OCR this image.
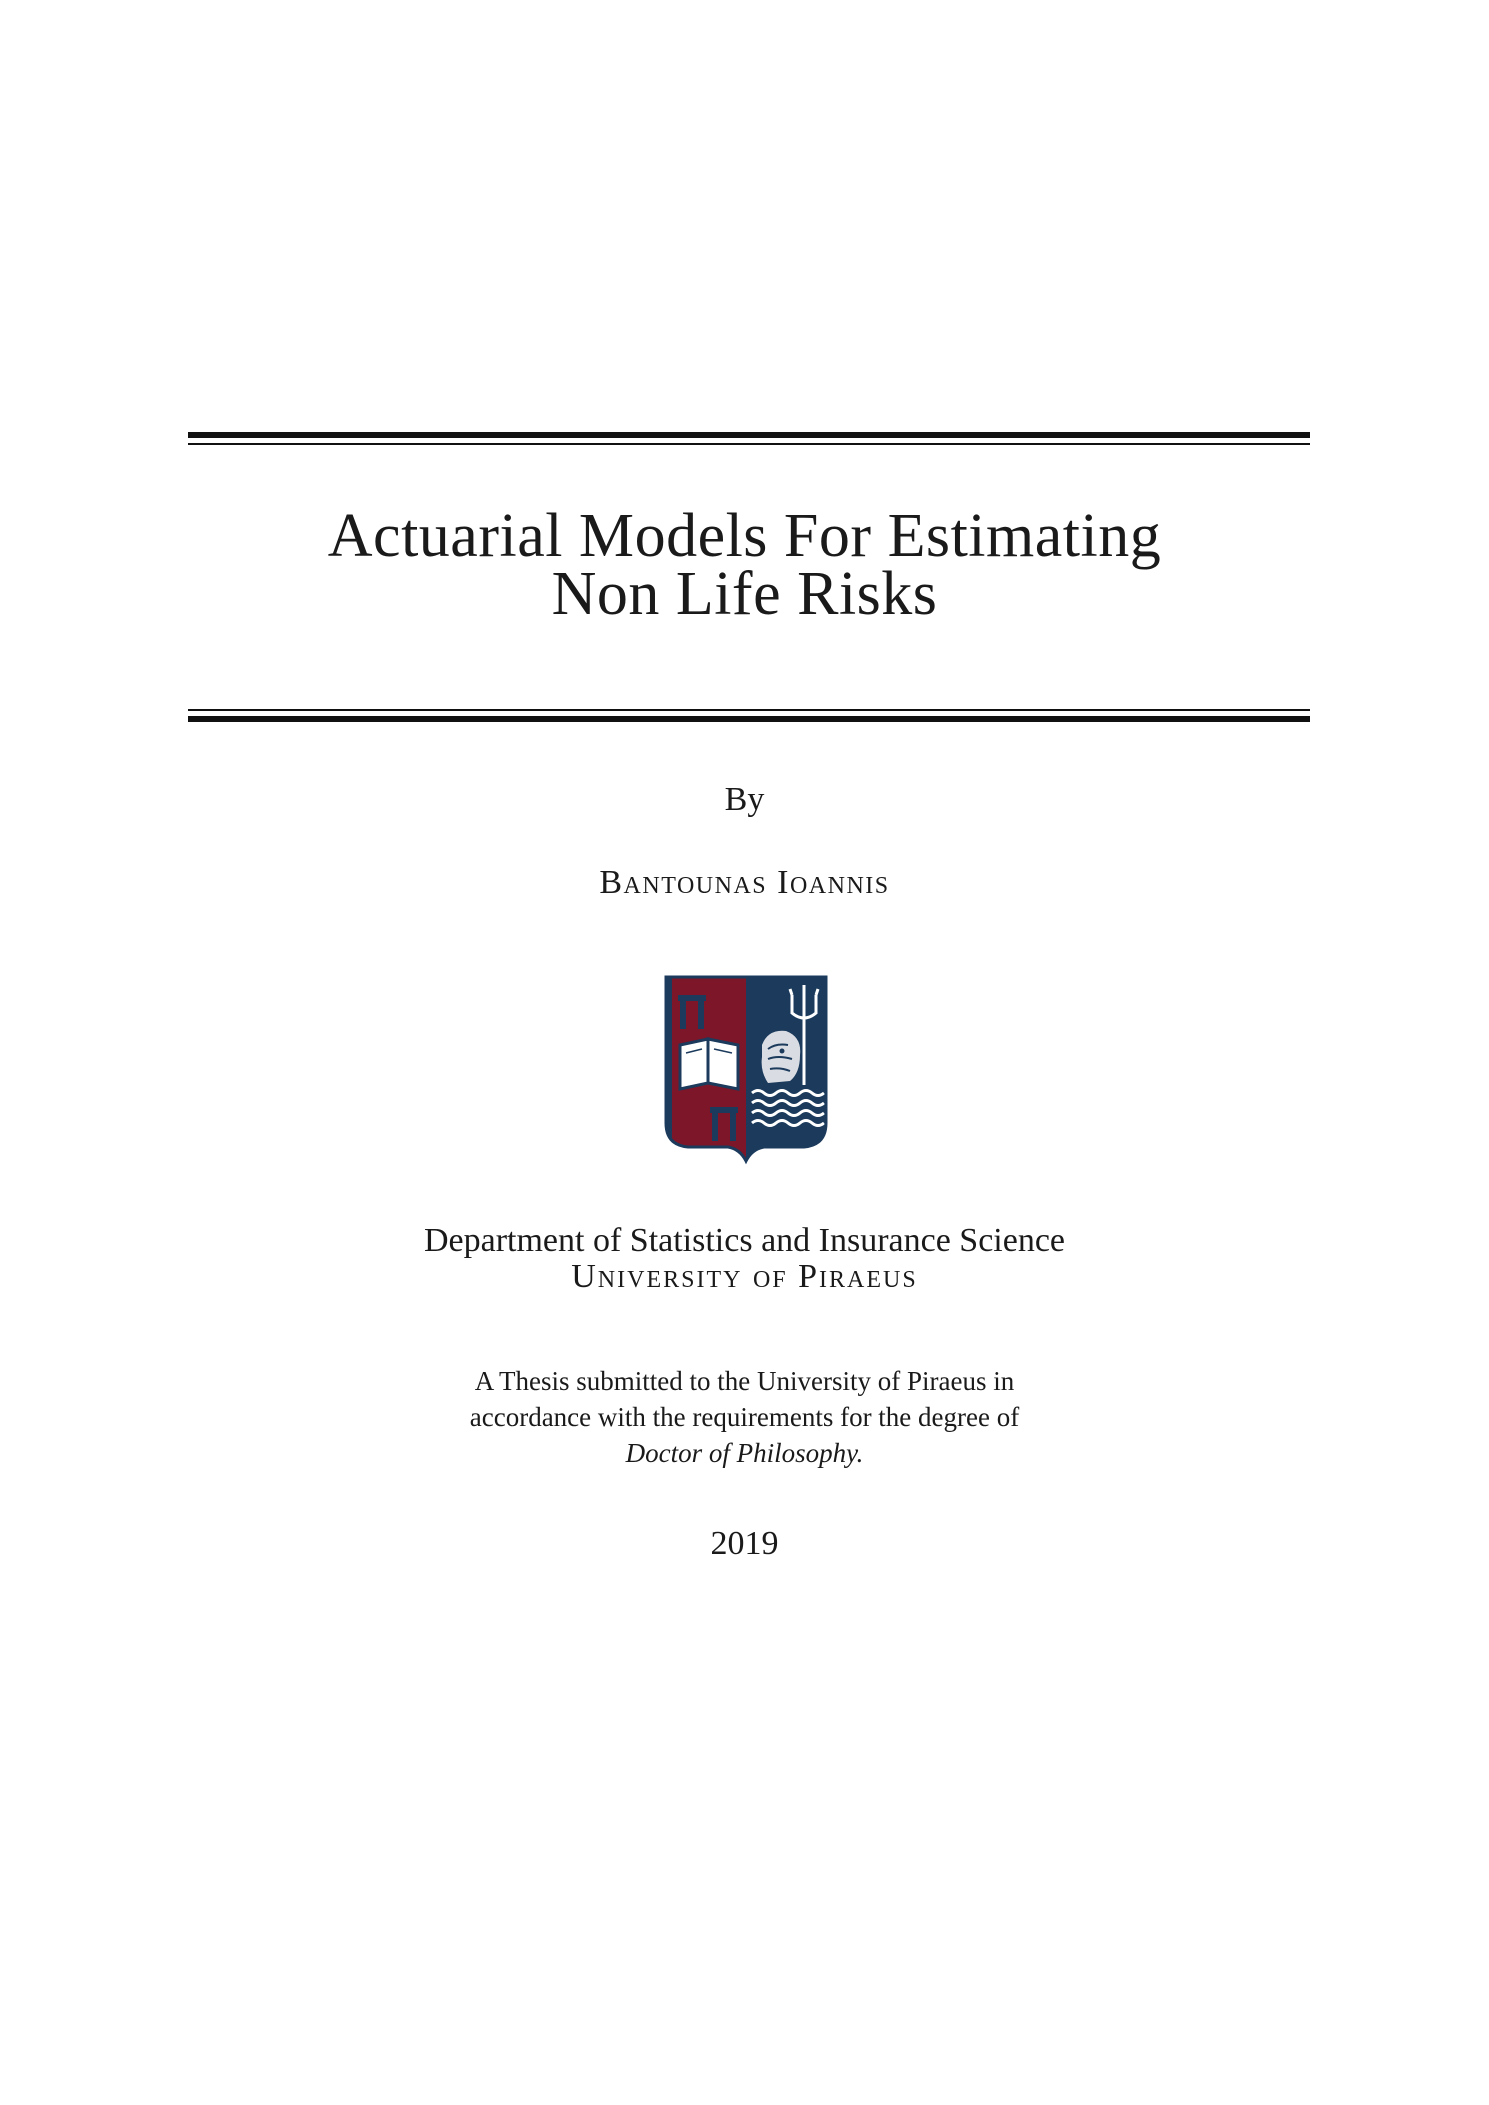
Actuarial Models For Estimating
Non Life Risks
By
Bantounas Ioannis
Department of Statistics and Insurance Science
University of Piraeus
A Thesis submitted to the University of Piraeus in
accordance with the requirements for the degree of
Doctor of Philosophy.
2019
